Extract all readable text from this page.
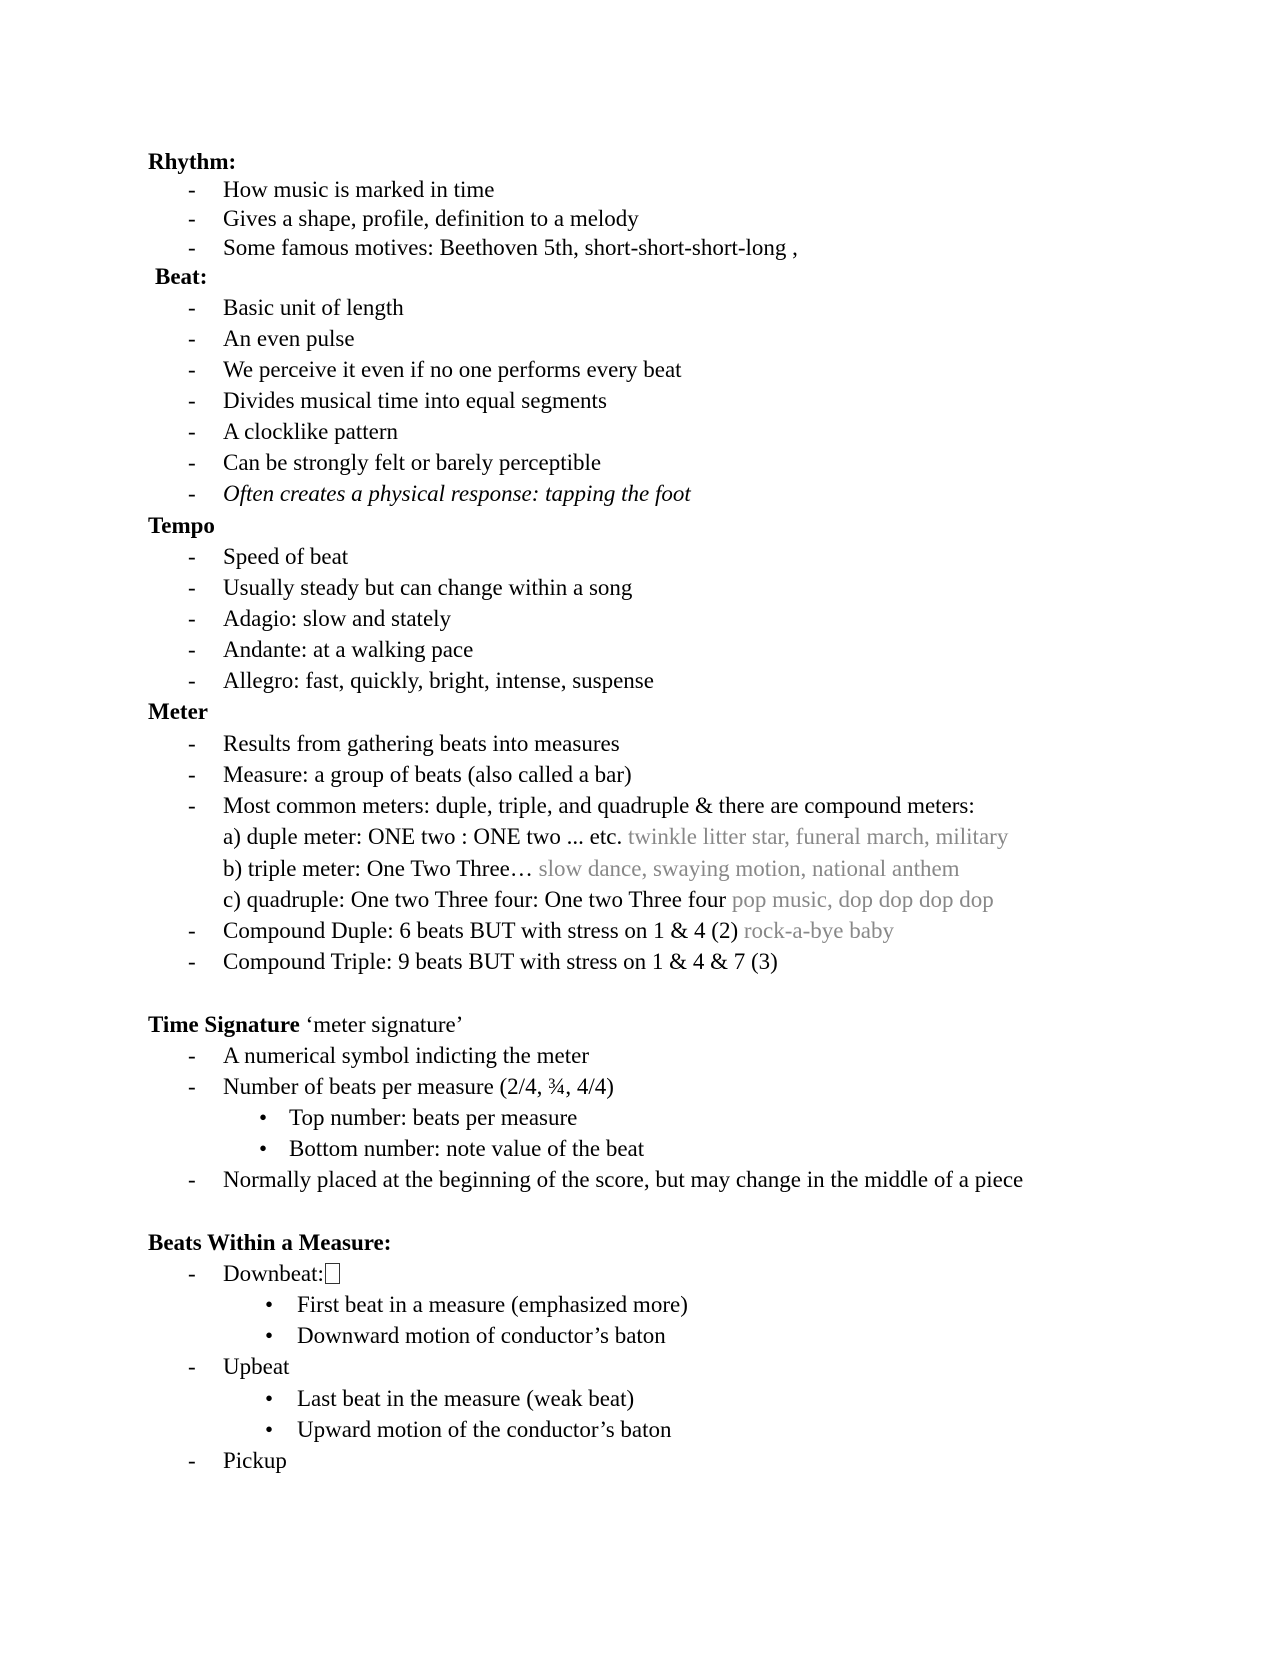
Rhythm:
- How music is marked in time
- Gives a shape, profile, definition to a melody
- Some famous motives: Beethoven 5th, short-short-short-long ,
Beat:
- Basic unit of length
- An even pulse
- We perceive it even if no one performs every beat
- Divides musical time into equal segments
- A clocklike pattern
- Can be strongly felt or barely perceptible
- Often creates a physical response: tapping the foot
Tempo
- Speed of beat
- Usually steady but can change within a song
- Adagio: slow and stately
- Andante: at a walking pace
- Allegro: fast, quickly, bright, intense, suspense
Meter
- Results from gathering beats into measures
- Measure: a group of beats (also called a bar)
- Most common meters: duple, triple, and quadruple & there are compound meters:
a) duple meter: ONE two : ONE two ... etc. twinkle litter star, funeral march, military
b) triple meter: One Two Three… slow dance, swaying motion, national anthem
c) quadruple: One two Three four: One two Three four pop music, dop dop dop dop
- Compound Duple: 6 beats BUT with stress on 1 & 4 (2) rock-a-bye baby
- Compound Triple: 9 beats BUT with stress on 1 & 4 & 7 (3)
Time Signature ‘meter signature’
- A numerical symbol indicting the meter
- Number of beats per measure (2/4, ¾, 4/4)
• Top number: beats per measure
• Bottom number: note value of the beat
- Normally placed at the beginning of the score, but may change in the middle of a piece
Beats Within a Measure:
- Downbeat:
• First beat in a measure (emphasized more)
• Downward motion of conductor’s baton
- Upbeat
• Last beat in the measure (weak beat)
• Upward motion of the conductor’s baton
- Pickup
